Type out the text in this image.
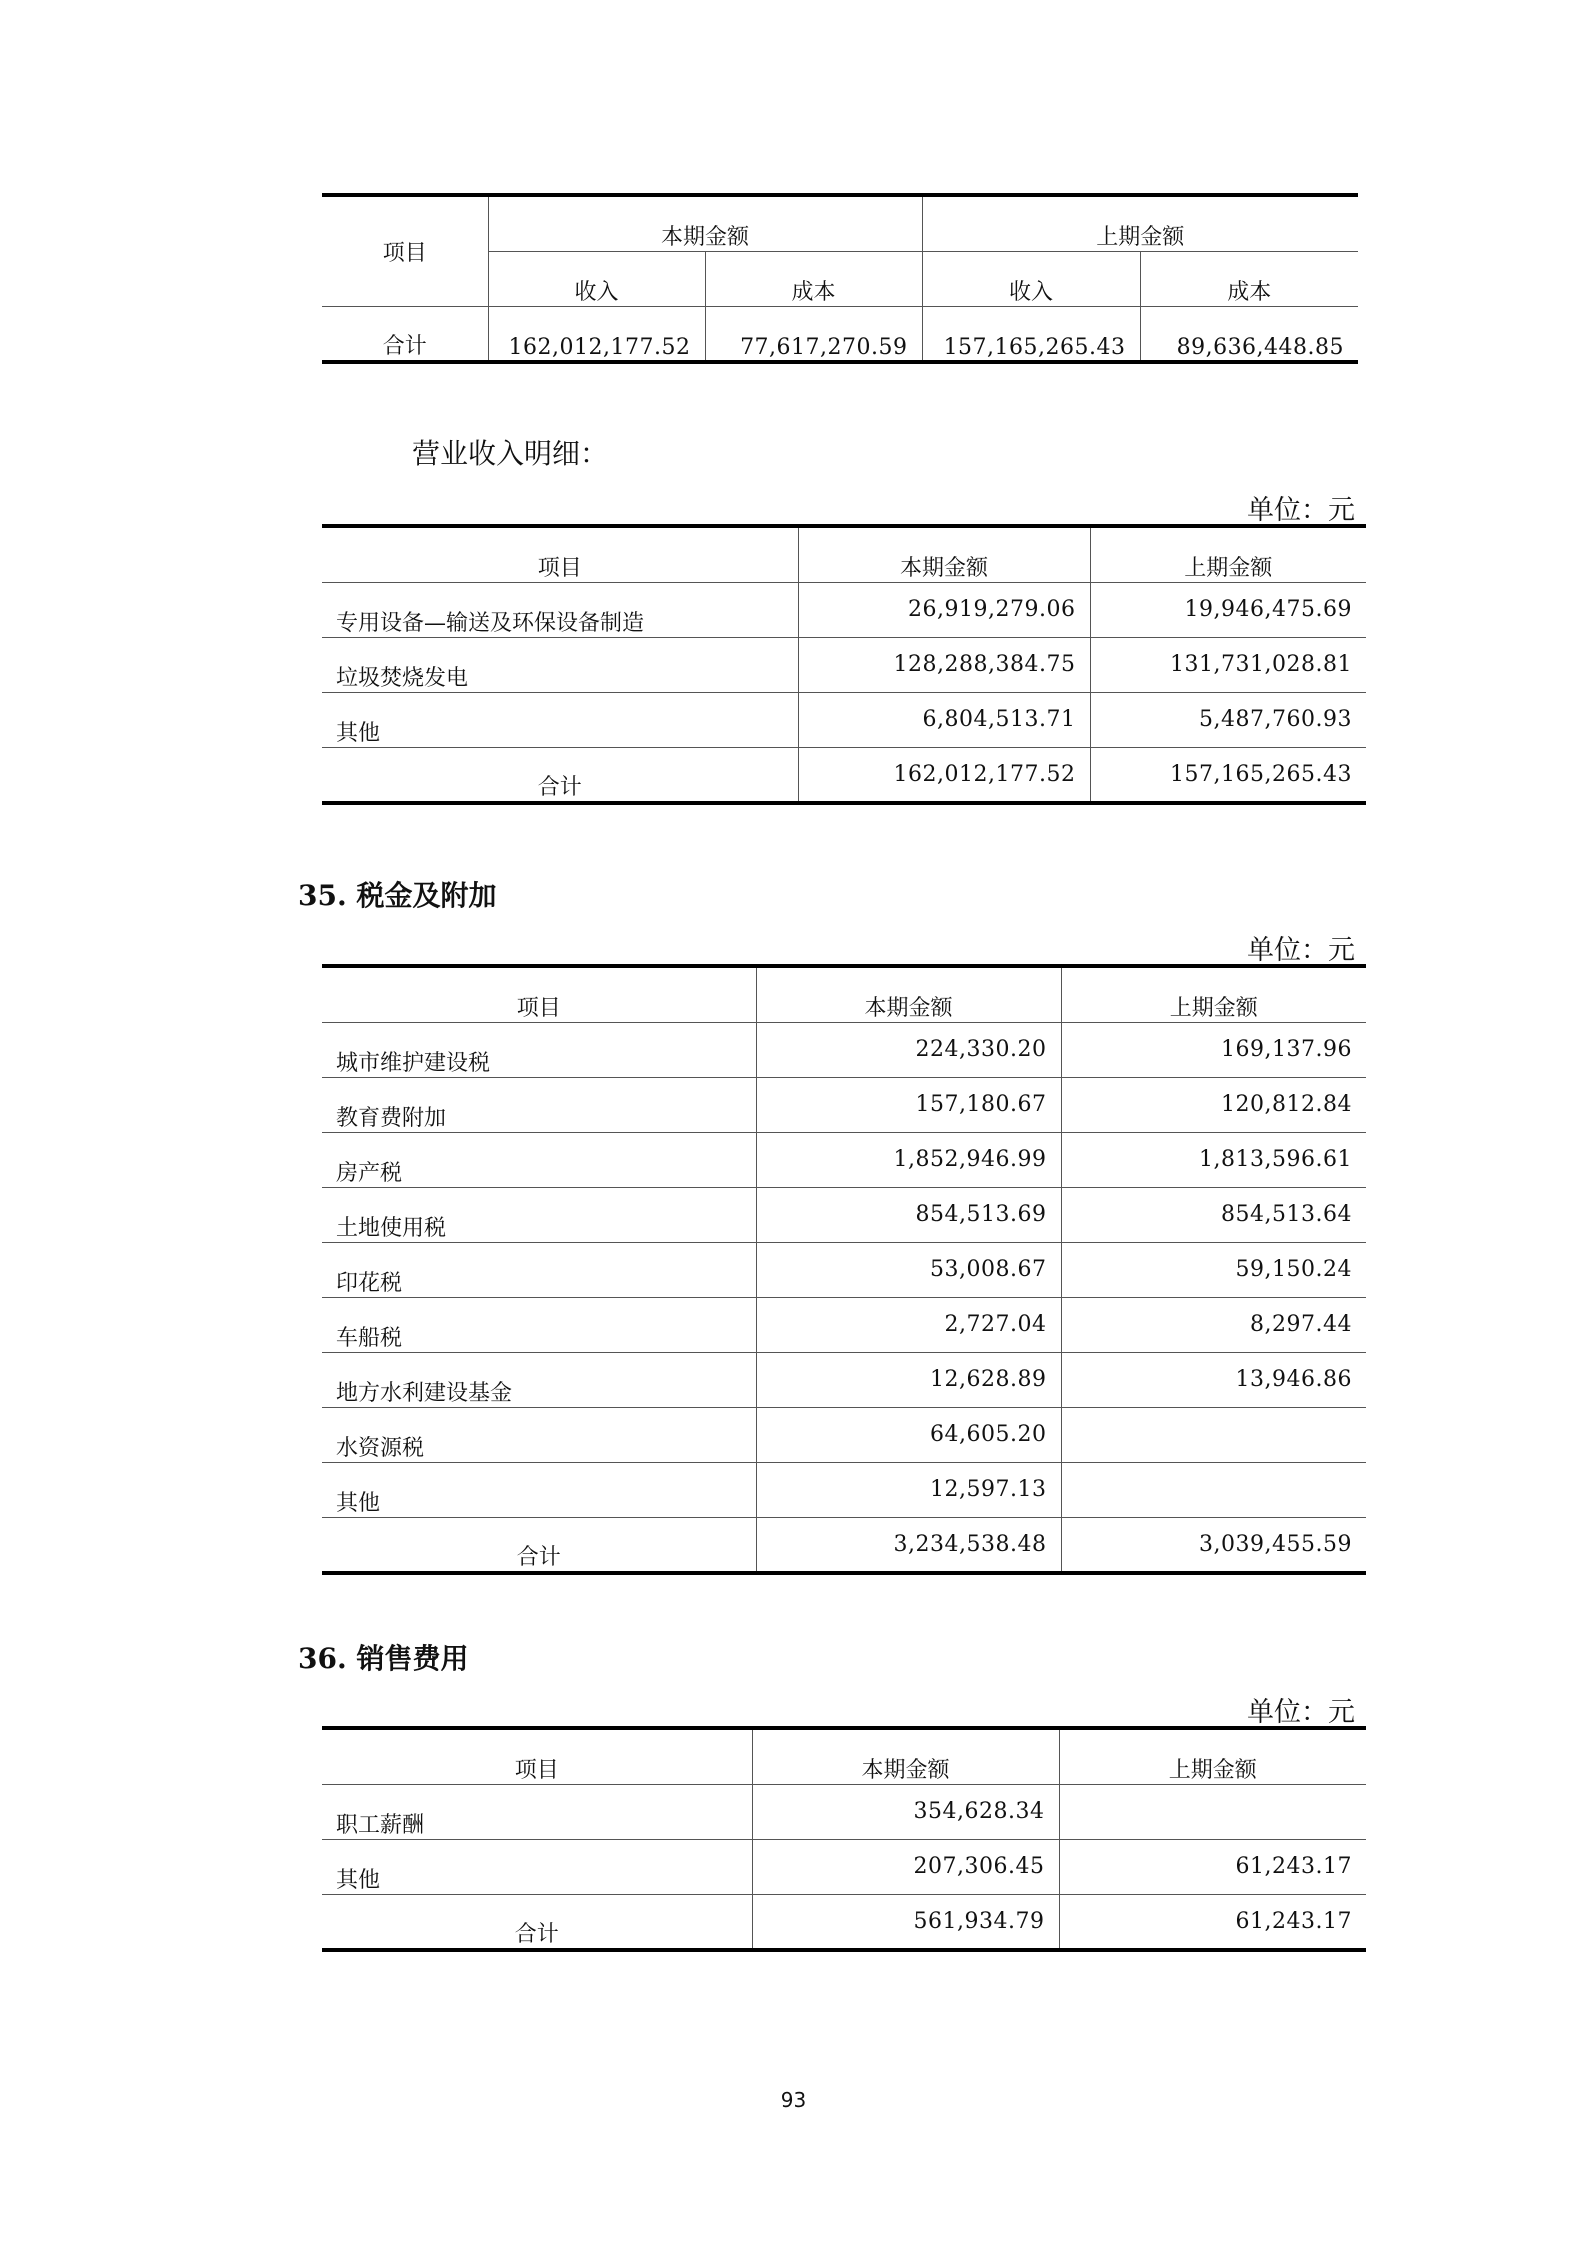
项目	本期金额		上期金额	
	收入	成本	收入	成本
合计	162,012,177.52	77,617,270.59	157,165,265.43	89,636,448.85
营业收入明细：
单位：元
项目	本期金额	上期金额
专用设备—输送及环保设备制造	26,919,279.06	19,946,475.69
垃圾焚烧发电	128,288,384.75	131,731,028.81
其他	6,804,513.71	5,487,760.93
合计	162,012,177.52	157,165,265.43
35. 税金及附加
单位：元
项目	本期金额	上期金额
城市维护建设税	224,330.20	169,137.96
教育费附加	157,180.67	120,812.84
房产税	1,852,946.99	1,813,596.61
土地使用税	854,513.69	854,513.64
印花税	53,008.67	59,150.24
车船税	2,727.04	8,297.44
地方水利建设基金	12,628.89	13,946.86
水资源税	64,605.20	
其他	12,597.13	
合计	3,234,538.48	3,039,455.59
36. 销售费用
单位：元
项目	本期金额	上期金额
职工薪酬	354,628.34	
其他	207,306.45	61,243.17
合计	561,934.79	61,243.17
93
